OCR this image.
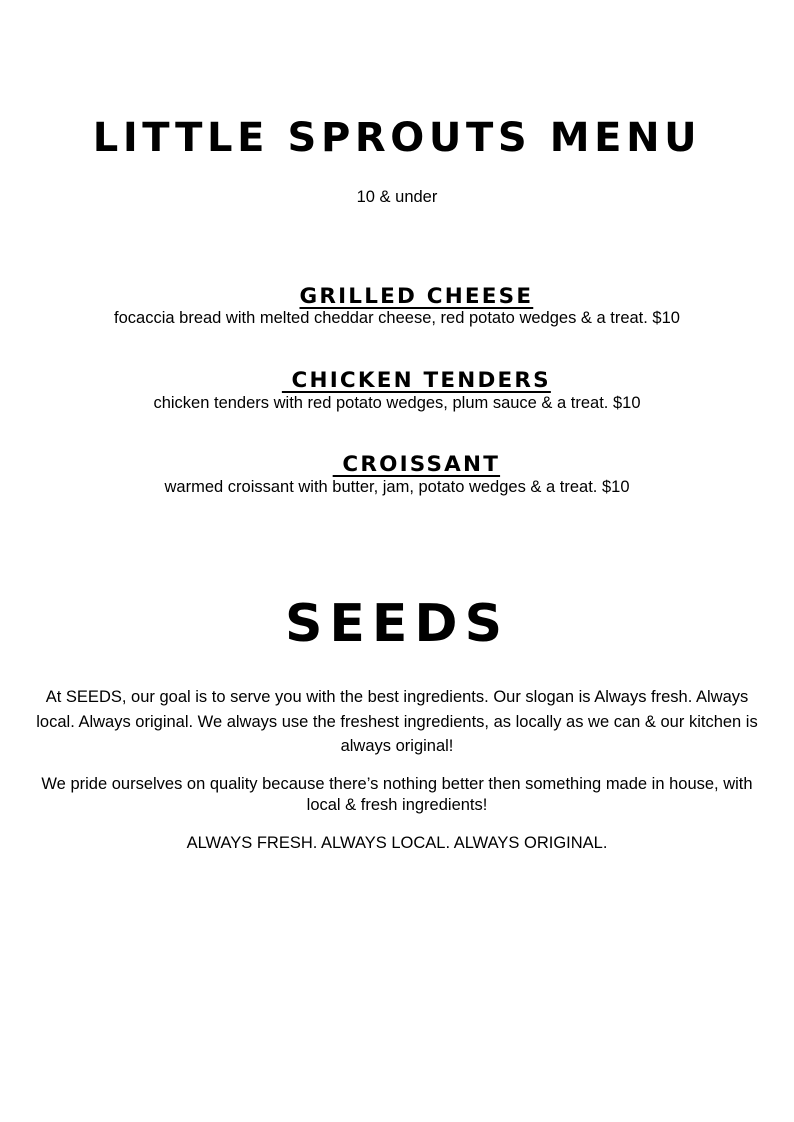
LITTLE SPROUTS MENU

10 & under

GRILLED CHEESE

focaccia bread with melted cheddar cheese, red potato wedges & a treat. $10

CHICKEN TENDERS

chicken tenders with red potato wedges, plum sauce & a treat. $10

CROISSANT

warmed croissant with butter, jam, potato wedges & a treat. $10

SEEDS

At SEEDS, our goal is to serve you with the best ingredients. Our slogan is Always fresh. Always local. Always original. We always use the freshest ingredients, as locally as we can & our kitchen is always original!

We pride ourselves on quality because there’s nothing better then something made in house, with local & fresh ingredients!

ALWAYS FRESH. ALWAYS LOCAL. ALWAYS ORIGINAL.
